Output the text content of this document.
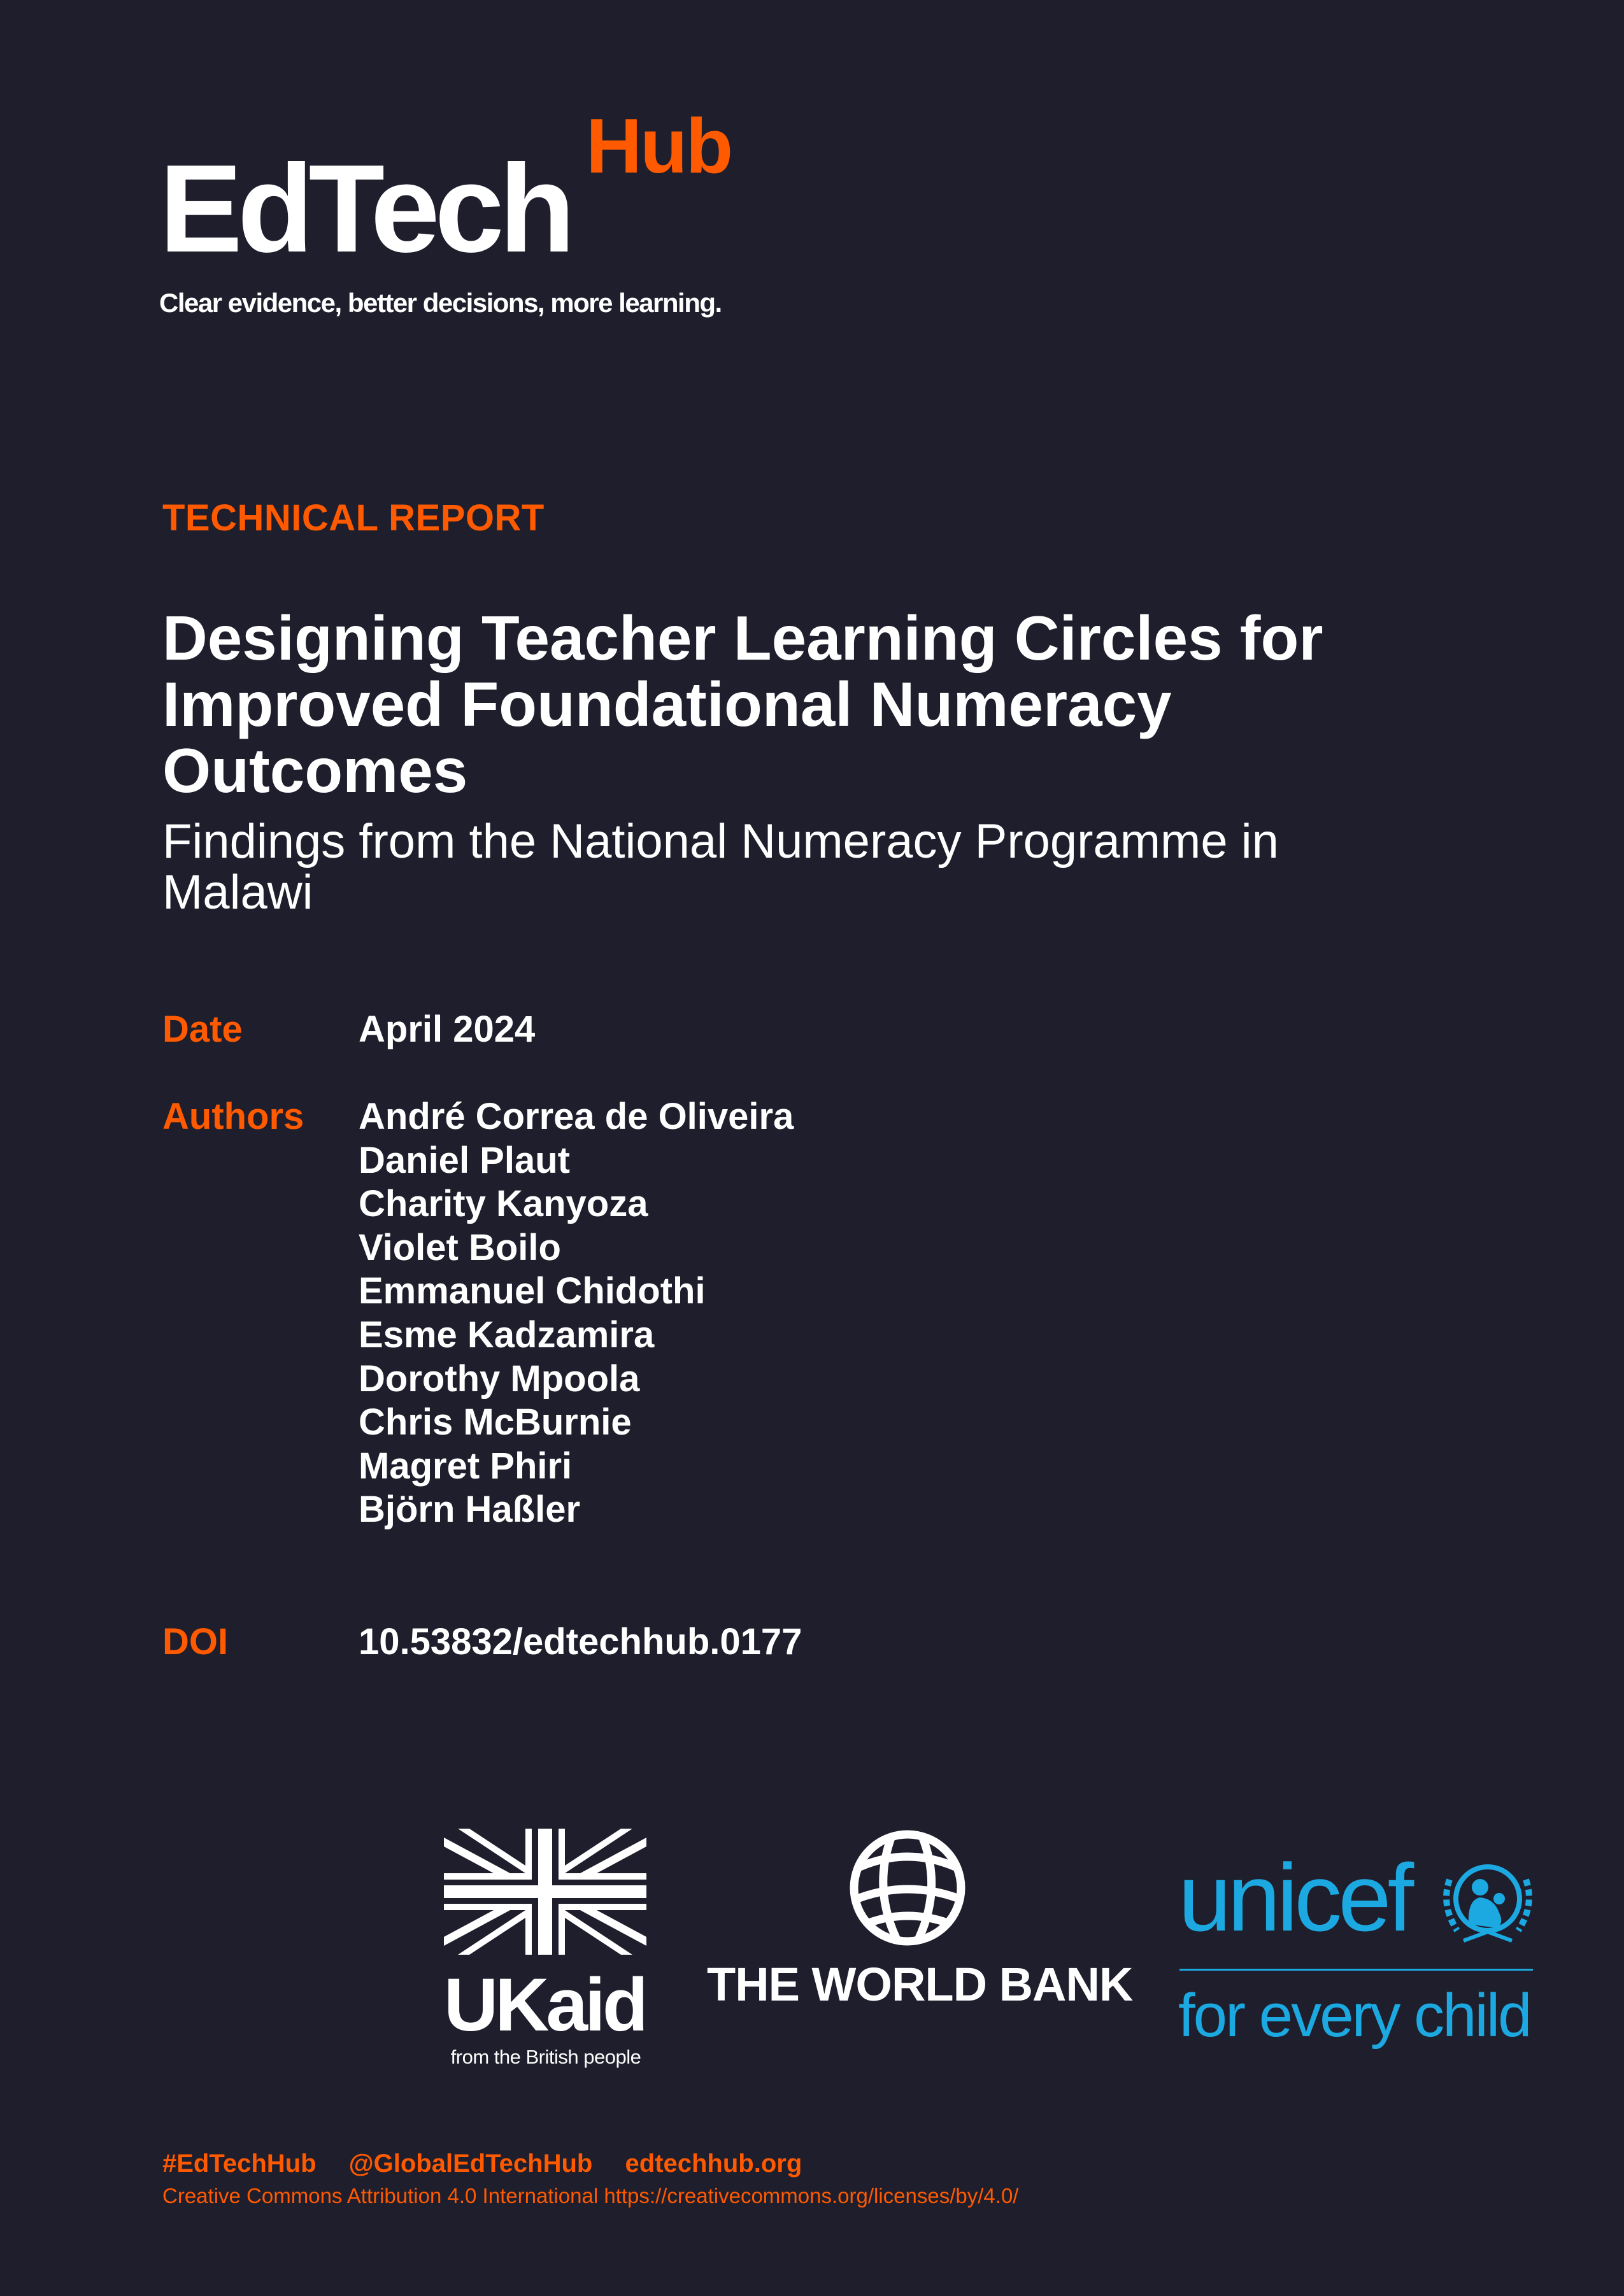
EdTech Hub
Clear evidence, better decisions, more learning.
TECHNICAL REPORT
Designing Teacher Learning Circles for Improved Foundational Numeracy Outcomes
Findings from the National Numeracy Programme in Malawi
Date	April 2024
Authors André Correa de Oliveira
Daniel Plaut
Charity Kanyoza
Violet Boilo
Emmanuel Chidothi
Esme Kadzamira
Dorothy Mpoola
Chris McBurnie
Magret Phiri
Björn Haßler
DOI	10.53832/edtechhub.0177
UKaid
from the British people
THE WORLD BANK
unicef
for every child
#EdTechHub @GlobalEdTechHub edtechhub.org
Creative Commons Attribution 4.0 International https://creativecommons.org/licenses/by/4.0/
